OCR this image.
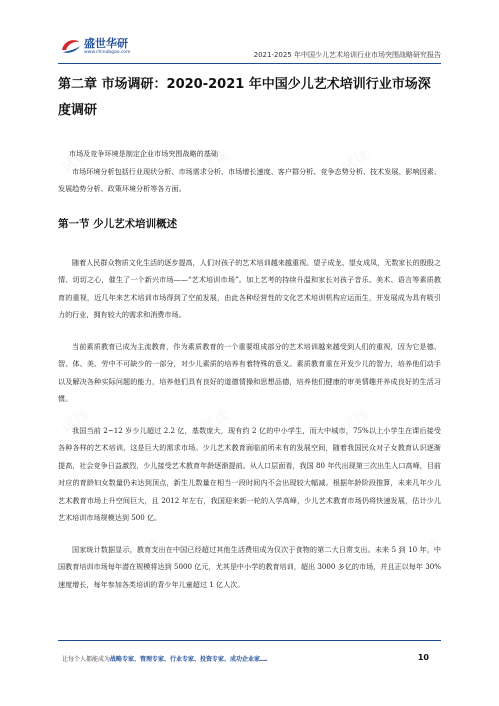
盛世华研
www.chinabgao.com	2021-2025 年中国少儿艺术培训行业市场突围战略研究报告
第二章 市场调研：2020-2021 年中国少儿艺术培训行业市场深度调研

市场及竞争环境是制定企业市场突围战略的基础

市场环境分析包括行业现状分析、市场需求分析、市场增长速度、客户群分析、竞争态势分析、技术发展、影响因素、发展趋势分析、政策环境分析等各方面。

第一节 少儿艺术培训概述

随着人民群众物质文化生活的逐步提高，人们对孩子的艺术培训越来越重视。望子成龙、望女成凤，无数家长的殷殷之情、切切之心，催生了一个新兴市场——“艺术培训市场”。加上艺考的持续升温和家长对孩子音乐、美术、语言等素质教育的重视，近几年来艺术培训市场得到了空前发展，由此各种经营性的文化艺术培训机构应运而生，并发展成为具有吸引力的行业，拥有较大的需求和消费市场。

当前素质教育已成为主流教育，作为素质教育的一个重要组成部分的艺术培训越来越受到人们的重视，因为它是德、智、体、美、劳中不可缺少的一部分，对少儿素质的培养有着特殊的意义。素质教育重在开发少儿的智力，培养他们动手以及解决各种实际问题的能力，培养他们具有良好的道德情操和思想品德，培养他们健康的审美情趣并养成良好的生活习惯。

我国当前 2~12 岁少儿超过 2.2 亿，基数庞大，现有约 2 亿的中小学生，而大中城市，75%以上小学生在课后接受各种各样的艺术培训，这是巨大的需求市场。少儿艺术教育面临前所未有的发展空间，随着我国民众对子女教育认识逐渐提高，社会竞争日益激烈，少儿接受艺术教育年龄逐渐提前。从人口层面看，我国 80 年代出现第三次出生人口高峰，目前对应的育龄妇女数量仍未达到顶点，新生儿数量在相当一段时间内不会出现较大幅减。根据年龄阶段推算，未来几年少儿艺术教育市场上升空间巨大，且 2012 年左右，我国迎来新一轮的入学高峰，少儿艺术教育市场仍将快速发展，估计少儿艺术培训市场规模达到 500 亿。

国家统计数据显示，教育支出在中国已经超过其他生活费用成为仅次于食物的第二大日常支出。未来 5 到 10 年，中国教育培训市场每年潜在规模将达到 5000 亿元，尤其是中小学的教育培训，超出 3000 多亿的市场，并且正以每年 30%速度增长，每年参加各类培训的青少年儿童超过 1 亿人次。

让每个人都能成为战略专家、管理专家、行业专家、投资专家、成功企业家……	10
试读	试读	试读
试读	试读	试读
试读	试读	试读
试读	试读	试读
